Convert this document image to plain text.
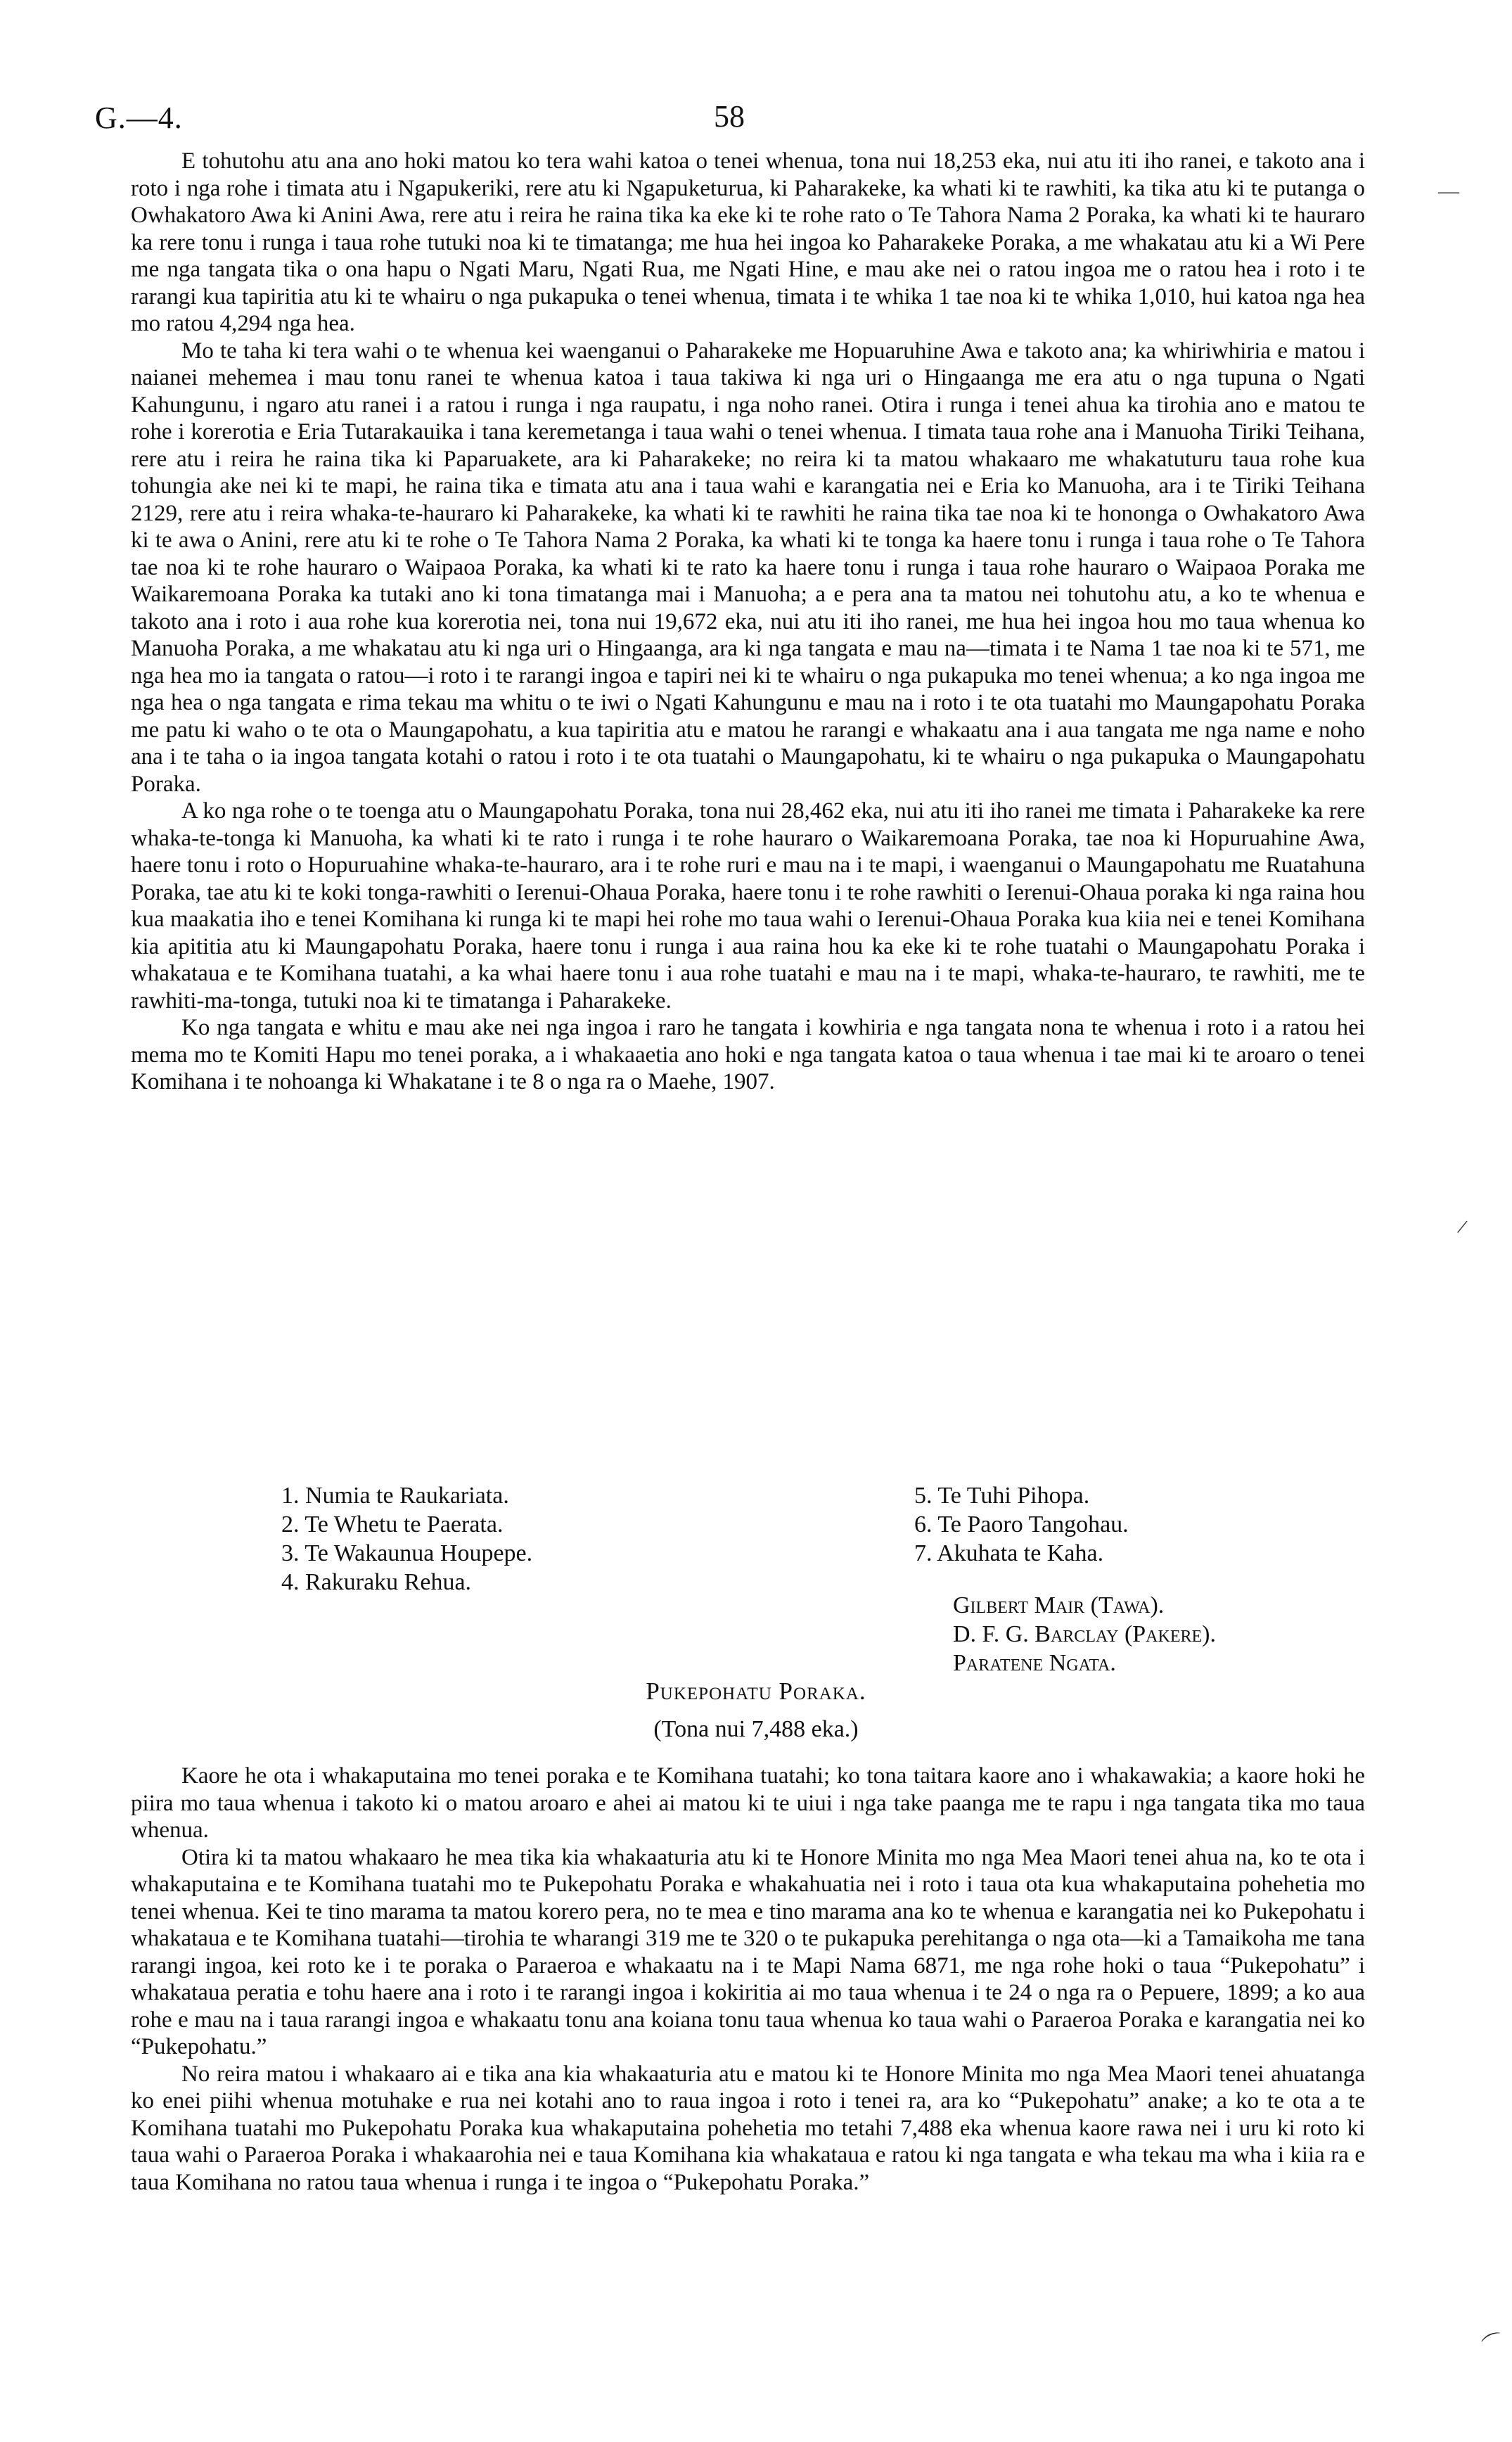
G.—4.	58
—
/
⌒

E tohutohu atu ana ano hoki matou ko tera wahi katoa o tenei whenua, tona nui 18,253 eka, nui atu iti iho ranei, e takoto ana i roto i nga rohe i timata atu i Ngapukeriki, rere atu ki Ngapuketurua, ki Paharakeke, ka whati ki te rawhiti, ka tika atu ki te putanga o Owhakatoro Awa ki Anini Awa, rere atu i reira he raina tika ka eke ki te rohe rato o Te Tahora Nama 2 Poraka, ka whati ki te hauraro ka rere tonu i runga i taua rohe tutuki noa ki te timatanga; me hua hei ingoa ko Paharakeke Poraka, a me whakatau atu ki a Wi Pere me nga tangata tika o ona hapu o Ngati Maru, Ngati Rua, me Ngati Hine, e mau ake nei o ratou ingoa me o ratou hea i roto i te rarangi kua tapiritia atu ki te whairu o nga pukapuka o tenei whenua, timata i te whika 1 tae noa ki te whika 1,010, hui katoa nga hea mo ratou 4,294 nga hea.

Mo te taha ki tera wahi o te whenua kei waenganui o Paharakeke me Hopuaruhine Awa e takoto ana; ka whiriwhiria e matou i naianei mehemea i mau tonu ranei te whenua katoa i taua takiwa ki nga uri o Hingaanga me era atu o nga tupuna o Ngati Kahungunu, i ngaro atu ranei i a ratou i runga i nga raupatu, i nga noho ranei. Otira i runga i tenei ahua ka tirohia ano e matou te rohe i korerotia e Eria Tutarakauika i tana keremetanga i taua wahi o tenei whenua. I timata taua rohe ana i Manuoha Tiriki Teihana, rere atu i reira he raina tika ki Paparuakete, ara ki Paharakeke; no reira ki ta matou whakaaro me whakatuturu taua rohe kua tohungia ake nei ki te mapi, he raina tika e timata atu ana i taua wahi e karangatia nei e Eria ko Manuoha, ara i te Tiriki Teihana 2129, rere atu i reira whaka-te-hauraro ki Paharakeke, ka whati ki te rawhiti he raina tika tae noa ki te hononga o Owhakatoro Awa ki te awa o Anini, rere atu ki te rohe o Te Tahora Nama 2 Poraka, ka whati ki te tonga ka haere tonu i runga i taua rohe o Te Tahora tae noa ki te rohe hauraro o Waipaoa Poraka, ka whati ki te rato ka haere tonu i runga i taua rohe hauraro o Waipaoa Poraka me Waikaremoana Poraka ka tutaki ano ki tona timatanga mai i Manuoha; a e pera ana ta matou nei tohutohu atu, a ko te whenua e takoto ana i roto i aua rohe kua korerotia nei, tona nui 19,672 eka, nui atu iti iho ranei, me hua hei ingoa hou mo taua whenua ko Manuoha Poraka, a me whakatau atu ki nga uri o Hingaanga, ara ki nga tangata e mau na—timata i te Nama 1 tae noa ki te 571, me nga hea mo ia tangata o ratou—i roto i te rarangi ingoa e tapiri nei ki te whairu o nga pukapuka mo tenei whenua; a ko nga ingoa me nga hea o nga tangata e rima tekau ma whitu o te iwi o Ngati Kahungunu e mau na i roto i te ota tuatahi mo Maungapohatu Poraka me patu ki waho o te ota o Maungapohatu, a kua tapiritia atu e matou he rarangi e whakaatu ana i aua tangata me nga name e noho ana i te taha o ia ingoa tangata kotahi o ratou i roto i te ota tuatahi o Maungapohatu, ki te whairu o nga pukapuka o Maungapohatu Poraka.

A ko nga rohe o te toenga atu o Maungapohatu Poraka, tona nui 28,462 eka, nui atu iti iho ranei me timata i Paharakeke ka rere whaka-te-tonga ki Manuoha, ka whati ki te rato i runga i te rohe hauraro o Waikaremoana Poraka, tae noa ki Hopuruahine Awa, haere tonu i roto o Hopuruahine whaka-te-hauraro, ara i te rohe ruri e mau na i te mapi, i waenganui o Maungapohatu me Ruatahuna Poraka, tae atu ki te koki tonga-rawhiti o Ierenui-Ohaua Poraka, haere tonu i te rohe rawhiti o Ierenui-Ohaua poraka ki nga raina hou kua maakatia iho e tenei Komihana ki runga ki te mapi hei rohe mo taua wahi o Ierenui-Ohaua Poraka kua kiia nei e tenei Komihana kia apititia atu ki Maungapohatu Poraka, haere tonu i runga i aua raina hou ka eke ki te rohe tuatahi o Maungapohatu Poraka i whakataua e te Komihana tuatahi, a ka whai haere tonu i aua rohe tuatahi e mau na i te mapi, whaka-te-hauraro, te rawhiti, me te rawhiti-ma-tonga, tutuki noa ki te timatanga i Paharakeke.

Ko nga tangata e whitu e mau ake nei nga ingoa i raro he tangata i kowhiria e nga tangata nona te whenua i roto i a ratou hei mema mo te Komiti Hapu mo tenei poraka, a i whakaaetia ano hoki e nga tangata katoa o taua whenua i tae mai ki te aroaro o tenei Komihana i te nohoanga ki Whakatane i te 8 o nga ra o Maehe, 1907.

1. Numia te Raukariata.
2. Te Whetu te Paerata.
3. Te Wakaunua Houpepe.
4. Rakuraku Rehua.
5. Te Tuhi Pihopa.
6. Te Paoro Tangohau.
7. Akuhata te Kaha.
Gilbert Mair (Tawa).
D. F. G. Barclay (Pakere).
Paratene Ngata.
Pukepohatu Poraka.
(Tona nui 7,488 eka.)

Kaore he ota i whakaputaina mo tenei poraka e te Komihana tuatahi; ko tona taitara kaore ano i whakawakia; a kaore hoki he piira mo taua whenua i takoto ki o matou aroaro e ahei ai matou ki te uiui i nga take paanga me te rapu i nga tangata tika mo taua whenua.

Otira ki ta matou whakaaro he mea tika kia whakaaturia atu ki te Honore Minita mo nga Mea Maori tenei ahua na, ko te ota i whakaputaina e te Komihana tuatahi mo te Pukepohatu Poraka e whakahuatia nei i roto i taua ota kua whakaputaina pohehetia mo tenei whenua. Kei te tino marama ta matou korero pera, no te mea e tino marama ana ko te whenua e karangatia nei ko Pukepohatu i whakataua e te Komihana tuatahi—tirohia te wharangi 319 me te 320 o te pukapuka perehitanga o nga ota—ki a Tamaikoha me tana rarangi ingoa, kei roto ke i te poraka o Paraeroa e whakaatu na i te Mapi Nama 6871, me nga rohe hoki o taua “Pukepohatu” i whakataua peratia e tohu haere ana i roto i te rarangi ingoa i kokiritia ai mo taua whenua i te 24 o nga ra o Pepuere, 1899; a ko aua rohe e mau na i taua rarangi ingoa e whakaatu tonu ana koiana tonu taua whenua ko taua wahi o Paraeroa Poraka e karangatia nei ko “Pukepohatu.”

No reira matou i whakaaro ai e tika ana kia whakaaturia atu e matou ki te Honore Minita mo nga Mea Maori tenei ahuatanga ko enei piihi whenua motuhake e rua nei kotahi ano to raua ingoa i roto i tenei ra, ara ko “Pukepohatu” anake; a ko te ota a te Komihana tuatahi mo Pukepohatu Poraka kua whakaputaina pohehetia mo tetahi 7,488 eka whenua kaore rawa nei i uru ki roto ki taua wahi o Paraeroa Poraka i whakaarohia nei e taua Komihana kia whakataua e ratou ki nga tangata e wha tekau ma wha i kiia ra e taua Komihana no ratou taua whenua i runga i te ingoa o “Pukepohatu Poraka.”
